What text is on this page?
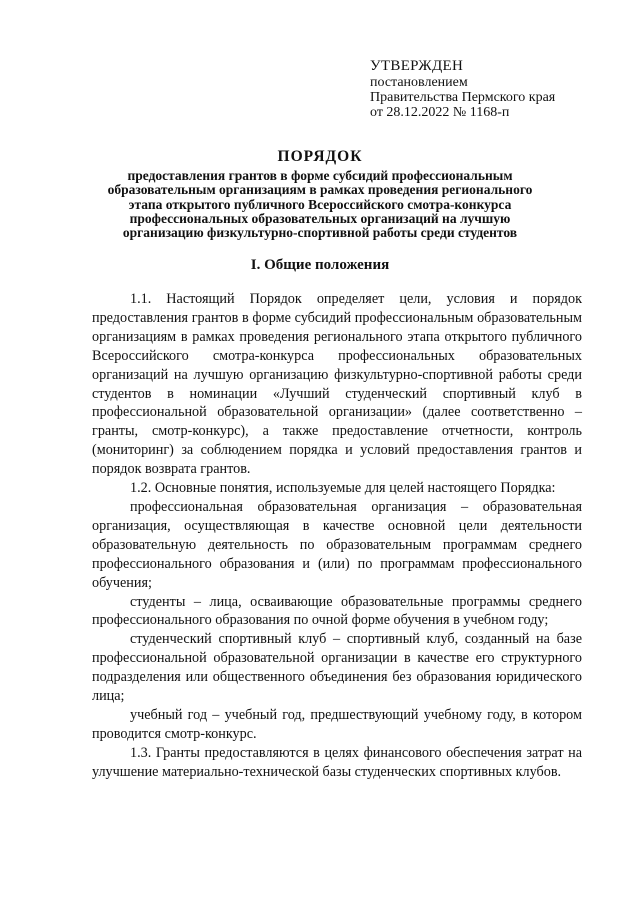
УТВЕРЖДЕН
постановлением
Правительства Пермского края
от 28.12.2022 № 1168-п
ПОРЯДОК
предоставления грантов в форме субсидий профессиональным образовательным организациям в рамках проведения регионального этапа открытого публичного Всероссийского смотра-конкурса профессиональных образовательных организаций на лучшую организацию физкультурно-спортивной работы среди студентов
I. Общие положения

1.1. Настоящий Порядок определяет цели, условия и порядок предоставления грантов в форме субсидий профессиональным образовательным организациям в рамках проведения регионального этапа открытого публичного Всероссийского смотра-конкурса профессиональных образовательных организаций на лучшую организацию физкультурно-спортивной работы среди студентов в номинации «Лучший студенческий спортивный клуб в профессиональной образовательной организации» (далее соответственно – гранты, смотр-конкурс), а также предоставление отчетности, контроль (мониторинг) за соблюдением порядка и условий предоставления грантов и порядок возврата грантов.

1.2. Основные понятия, используемые для целей настоящего Порядка:

профессиональная образовательная организация – образовательная организация, осуществляющая в качестве основной цели деятельности образовательную деятельность по образовательным программам среднего профессионального образования и (или) по программам профессионального обучения;

студенты – лица, осваивающие образовательные программы среднего профессионального образования по очной форме обучения в учебном году;

студенческий спортивный клуб – спортивный клуб, созданный на базе профессиональной образовательной организации в качестве его структурного подразделения или общественного объединения без образования юридического лица;

учебный год – учебный год, предшествующий учебному году, в котором проводится смотр-конкурс.

1.3. Гранты предоставляются в целях финансового обеспечения затрат на улучшение материально-технической базы студенческих спортивных клубов.
